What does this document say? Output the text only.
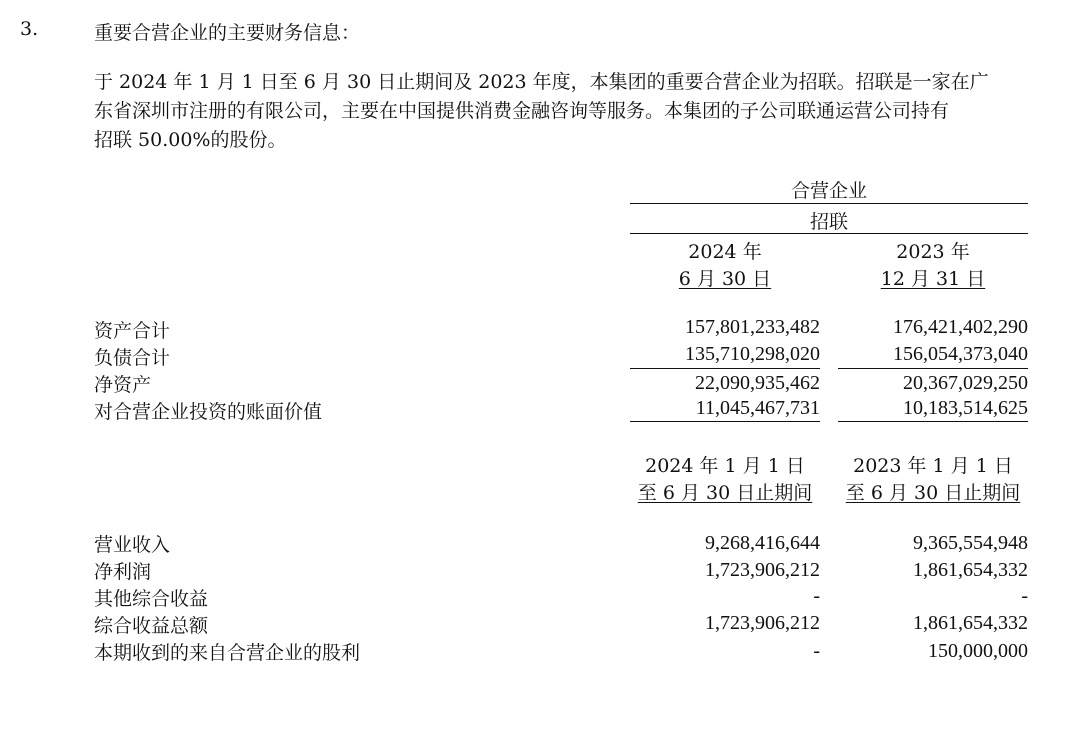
3.	重要合营企业的主要财务信息：
于 2024 年 1 月 1 日至 6 月 30 日止期间及 2023 年度，本集团的重要合营企业为招联。招联是一家在广
东省深圳市注册的有限公司，主要在中国提供消费金融咨询等服务。本集团的子公司联通运营公司持有
招联 50.00%的股份。
合营企业
招联
2024 年
6 月 30 日
2023 年
12 月 31 日
资产合计	157,801,233,482	176,421,402,290
负债合计	135,710,298,020	156,054,373,040
净资产	22,090,935,462	20,367,029,250
对合营企业投资的账面价值	11,045,467,731	10,183,514,625
2024 年 1 月 1 日
至 6 月 30 日止期间
2023 年 1 月 1 日
至 6 月 30 日止期间
营业收入	9,268,416,644	9,365,554,948
净利润	1,723,906,212	1,861,654,332
其他综合收益	-	-
综合收益总额	1,723,906,212	1,861,654,332
本期收到的来自合营企业的股利	-	150,000,000
